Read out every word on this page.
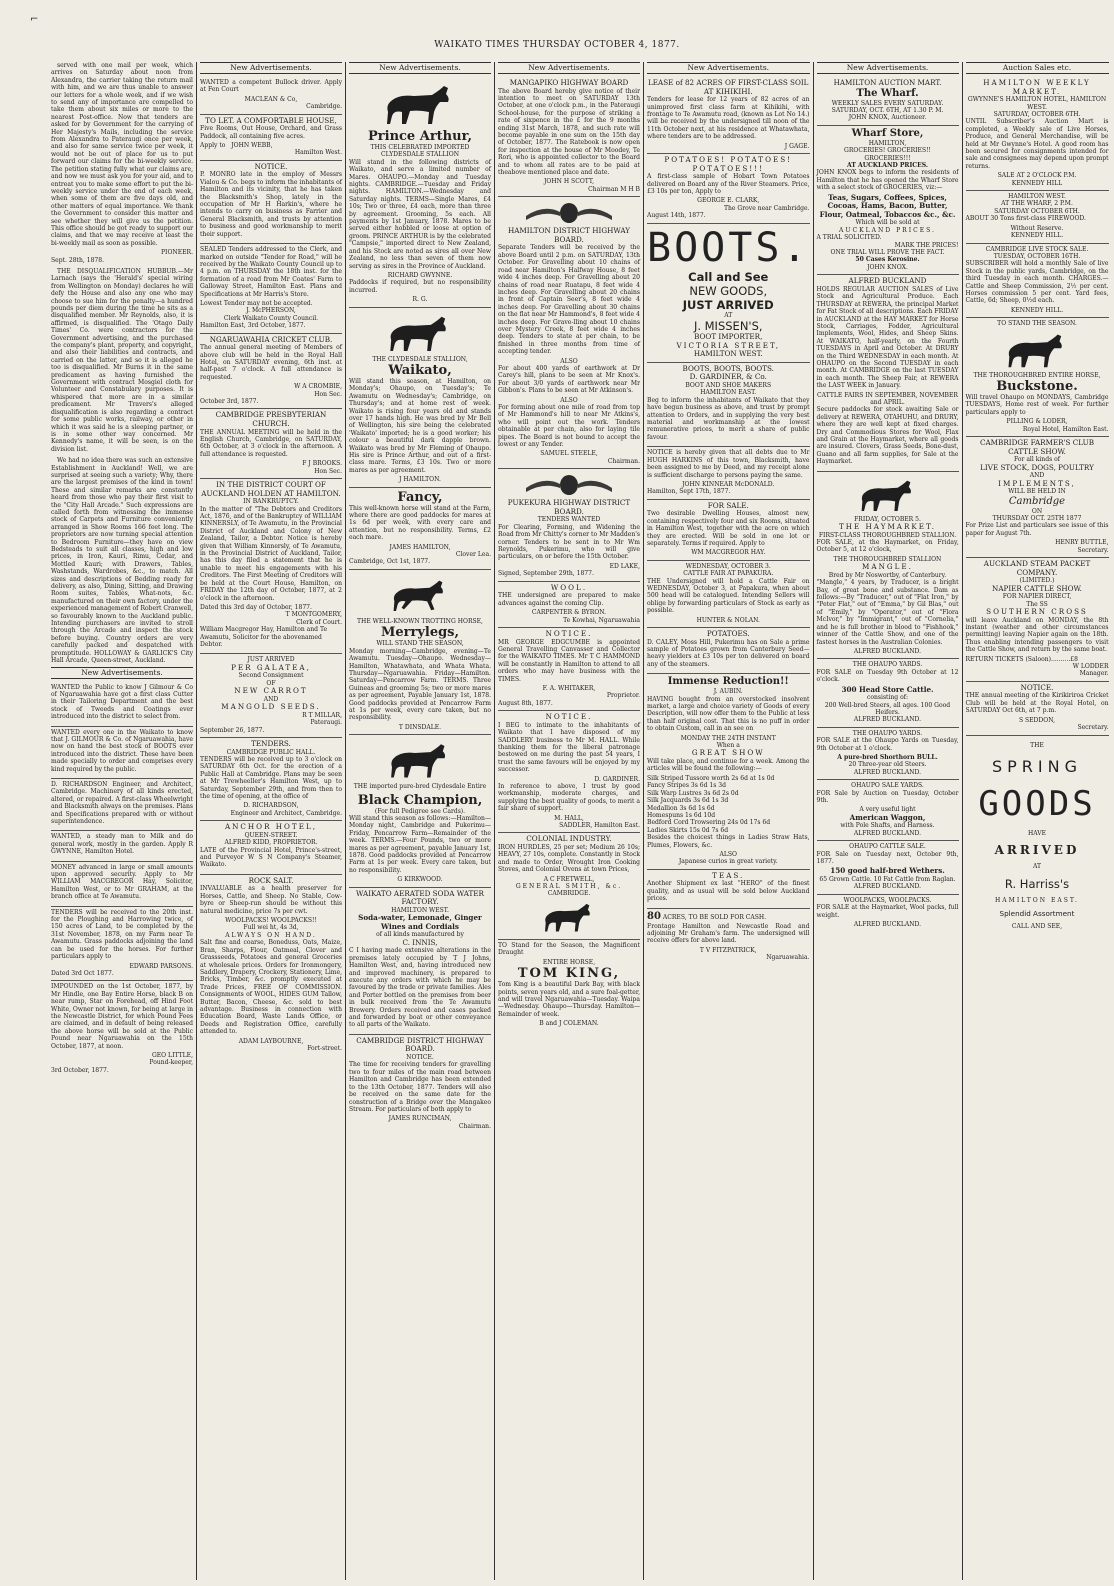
⌐
WAIKATO TIMES THURSDAY OCTOBER 4, 1877.

served with one mail per week, which arrives on Saturday about noon from Alexandra, the carrier taking the return mail with him, and we are thus unable to answer our letters for a whole week, and if we wish to send any of importance are compelled to take them about six miles or more to the nearest Post-office. Now that tenders are asked for by Government for the carrying of Her Majesty's Mails, including the service from Alexandra to Pateraugi once per week, and also for same service twice per week, it would not be out of place for us to put forward our claims for the bi-weekly service. The petition stating fully what our claims are, and now we must ask you for your aid, and to entreat you to make some effort to put the bi-weekly service under the end of each week, when some of them are five days old, and other matters of equal importance. We thank the Government to consider this matter and see whether they will give us the petition. This office should be got ready to support our claims, and that we may receive at least the bi-weekly mail as soon as possible.

PIONEER.
Sept. 28th, 1878.

THE DISQUALIFICATION HUBBUB.—Mr Larnach (says the 'Herald's' special wiring from Wellington on Monday) declares he will defy the House and also any one who may choose to sue him for the penalty—a hundred pounds per diem during the time he sits as a disqualified member. Mr Reynolds, also, it is affirmed, is disqualified. The 'Otago Daily Times' Co. were contractors for the Government advertising, and the purchased the company's plant, property, and copyright, and also their liabilities and contracts, and carried on the latter, and so it is alleged he too is disqualified. Mr Burns it in the same predicament as having furnished the Government with contract Mosgiel cloth for Volunteer and Constabulary purposes. It is whispered that more are in a similar predicament. Mr Travers's alleged disqualification is also regarding a contract for some public works, railway, or other in which it was said he is a sleeping partner, or is in some other way concerned. Mr Kennedy's name, it will be seen, is on the division list.

We had no idea there was such an extensive Establishment in Auckland! Well, we are surprised at seeing such a variety; Why, there are the largest premises of the kind in town! These and similar remarks are constantly heard from those who pay their first visit to the "City Hall Arcade." Such expressions are called forth from witnessing the immense stock of Carpets and Furniture conveniently arranged in Show Rooms 166 feet long. The proprietors are now turning special attention to Bedroom Furniture—they have on view Bedsteads to suit all classes, high and low prices, in Iron, Kauri, Rimu, Cedar, and Mottled Kauri; with Drawers, Tables, Washstands, Wardrobes, &c., to match. All sizes and descriptions of Bedding ready for delivery, as also, Dining, Sitting, and Drawing Room suites, Tables, What-nots, &c. manufactured on their own factory, under the experienced management of Robert Cranwell, so favourably known to the Auckland public. Intending purchasers are invited to stroll through the Arcade and inspect the stock before buying. Country orders are very carefully packed and despatched with promptitude. HOLLOWAY & GARLICK'S City Hall Arcade, Queen-street, Auckland.

New Advertisements.

WANTED the Public to know J Gilmour & Co of Ngaruawahia have got a first class Cutter in their Tailoring Department and the best stock of Tweeds and Coatings ever introduced into the district to select from.

WANTED every one in the Waikato to know that J. GILMOUR & Co. of Ngaruawahia, have now on hand the best stock of BOOTS ever introduced into the district. These have been made specially to order and comprises every kind required by the public.

D. RICHARDSON Engineer, and Architect, Cambridge. Machinery of all kinds erected, altered, or repaired. A first-class Wheelwright and Blacksmith always on the premises. Plans and Specifications prepared with or without superintendence.

WANTED, a steady man to Milk and do general work, mostly in the garden. Apply R GWYNNE, Hamilton Hotel.

MONEY advanced in large or small amounts upon approved security. Apply to Mr WILLIAM MACGREGOR Hay, Solicitor, Hamilton West, or to Mr GRAHAM, at the branch office at Te Awamutu.

TENDERS will be received to the 20th inst. for the Ploughing and Harrowing twice, of 150 acres of Land, to be completed by the 31st November, 1878, on my Farm near Te Awamutu. Grass paddocks adjoining the land can be used for the horses. For further particulars apply to

EDWARD PARSONS.
Dated 3rd Oct 1877.

IMPOUNDED on the 1st October, 1877, by Mr Hindle, one Bay Entire Horse, black B on near rump, Star on Forehead, off Hind Foot White, Owner not known, for being at large in the Newcastle District, for which Pound Fees are claimed, and in default of being released the above horse will be sold at the Public Pound near Ngaruawahia on the 15th October, 1877, at noon.

GEO LITTLE,
Pound-keeper,
3rd October, 1877.
New Advertisements.

WANTED a competent Bullock driver. Apply at Fen Court

MACLEAN & Co,
Cambridge.
TO LET. A COMFORTABLE HOUSE,

Five Rooms, Out House, Orchard, and Grass Paddock, all containing five acres.

Apply to JOHN WEBB,
Hamilton West.
NOTICE.

P. MONRO late in the employ of Messrs Vialou & Co. begs to inform the inhabitants of Hamilton and its vicinity, that he has taken the Blacksmith's Shop, lately in the occupation of Mr H Harkin's, where he intends to carry on business as Farrier and General Blacksmith, and trusts by attention to business and good workmanship to merit their support.

SEALED Tenders addressed to the Clerk, and marked on outside "Tender for Road," will be received by the Waikato County Council up to 4 p.m. on THURSDAY the 18th inst. for the formation of a road from Mr Coates' Farm to Galloway Street, Hamilton East. Plans and Specifications at Mr Harris's Store.

Lowest Tender may not be accepted.
J. McPHERSON,
Clerk Waikato County Council.
Hamilton East, 3rd October, 1877.
NGARUAWAHIA CRICKET CLUB.

The annual general meeting of Members of above club will be held in the Royal Hall Hotel, on SATURDAY evening, 6th inst. at half-past 7 o'clock. A full attendance is requested.

W A CROMBIE,
Hon Sec.
October 3rd, 1877.
CAMBRIDGE PRESBYTERIAN CHURCH.

THE ANNUAL MEETING will be held in the English Church, Cambridge, on SATURDAY, 6th October, at 3 o'clock in the afternoon. A full attendance is requested.

F J BROOKS.
Hon Sec.
IN THE DISTRICT COURT OF AUCKLAND HOLDEN AT HAMILTON.
IN BANKRUPTCY.

In the matter of "The Debtors and Creditors Act, 1876, and of the Bankruptcy of WILLIAM KINNERSLY, of Te Awamutu, in the Provincial District of Auckland and Colony of New Zealand, Tailor, a Debtor. Notice is hereby given that William Kinnersly, of Te Awamutu, in the Provincial District of Auckland, Tailor, has this day filed a statement that he is unable to meet his engagements with his Creditors. The First Meeting of Creditors will be held at the Court House, Hamilton, on FRIDAY the 12th day of October, 1877, at 2 o'clock in the afternoon.

Dated this 3rd day of October, 1877.
T MONTGOMERY,
Clerk of Court.

William Macgregor Hay, Hamilton and Te Awamutu, Solicitor for the abovenamed Debtor.

JUST ARRIVED
PER GALATEA,
Second Consignment
OF
NEW CARROT
AND
MANGOLD SEEDS.
R T MILLAR,
Pateraugi.
September 26, 1877.
TENDERS.
CAMBRIDGE PUBLIC HALL.

TENDERS will be received up to 3 o'clock on SATURDAY 6th Oct. for the erection of a Public Hall at Cambridge. Plans may be seen at Mr Trewheeller's Hamilton West, up to Saturday, September 29th, and from then to the time of opening, at the office of

D. RICHARDSON,
Engineer and Architect, Cambridge.
ANCHOR HOTEL,
QUEEN-STREET.
ALFRED KIDD, PROPRIETOR.

LATE of the Provincial Hotel, Prince's-street, and Purveyor W S N Company's Steamer, Waikato.

ROCK SALT.

INVALUABLE as a health preserver for Horses, Cattle, and Sheep. No Stable, Cow-byre or Sheep-run should be without this natural medicine, price 7s per cwt.

WOOLPACKS! WOOLPACKS!!
Full wei ht, 4s 3d,
ALWAYS ON HAND.

Salt fine and coarse, Boneduss, Oats, Maize, Bran, Sharps, Flour, Oatmeal, Clover and Grassseeds, Potatoes and general Groceries at wholesale prices. Orders for Ironmongery, Saddlery, Drapery, Crockery, Stationery, Lime, Bricks, Timber, &c. promptly executed at Trade Prices, FREE OF COMMISSION. Consignments of WOOL, HIDES GUM Tallow, Butter, Bacon, Cheese, &c. sold to best advantage. Business in connection with Education Board, Waste Lands Office, or Deeds and Registration Office, carefully attended to.

ADAM LAYBOURNE,
Fort-street.
New Advertisements.
Prince Arthur,
THIS CELEBRATED IMPORTED CLYDESDALE STALLION

Will stand in the following districts of Waikato, and serve a limited number of Mares. OHAUPO.—Monday and Tuesday nights. CAMBRIDGE.—Tuesday and Friday nights. HAMILTON.—Wednesday and Saturday nights. TERMS—Single Mares, £4 10s; Two or three, £4 each, more than three by agreement. Grooming, 5s each. All payments by 1st January, 1878. Mares to be served either hobbled or loose at option of groom. PRINCE ARTHUR is by the celebrated "Campsie," imported direct to New Zealand, and his Stock are noted as sires all over New Zealand, no less than seven of them now serving as sires in the Province of Auckland.

RICHARD GWYNNE.

Paddocks if required, but no responsibility incurred.

R. G.
THE CLYDESDALE STALLION,
Waikato,

Will stand this season, at Hamilton, on Monday's; Ohaupo, on Tuesday's; Te Awamutu on Wednesday's; Cambridge, on Thursday's; and at home rest of week. Waikato is rising four years old and stands over 17 hands high. He was bred by Mr Bell of Wellington, his sire being the celebrated 'Waikato' imported; he is a good worker; his colour a beautiful dark dapple brown. Waikato was bred by Mr Fleming of Ohaupo. His sire is Prince Arthur, and out of a first-class mare. Terms, £3 10s. Two or more mares as per agreement.

J HAMILTON.
Fancy,

This well-known horse will stand at the Farm, where there are good paddocks for mares at 1s 6d per week, with every care and attention, but no responsibility. Terms, £2 each mare.

JAMES HAMILTON,
Clover Lea.
Cambridge, Oct 1st, 1877.
THE WELL-KNOWN TROTTING HORSE,
Merrylegs,
WILL STAND THE SEASON,

Monday morning—Cambridge, evening—Te Awamutu. Tuesday—Ohaupo. Wednesday—Hamilton, Whatawhata, and Whata Whata. Thursday—Ngaruawahia. Friday—Hamilton. Saturday—Pencarrow Farm. TERMS. Three Guineas and grooming 5s; two or more mares as per agreement, Payable January 1st, 1878. Good paddocks provided at Pencarrow Farm at 1s per week, every care taken, but no responsibility.

T DINSDALE.

THE imported pure-bred Clydesdale Entire

Black Champion,
(For full Pedigree see Cards).

Will stand this season as follows:—Hamilton—Monday night, Cambridge and Pukerimu—Friday, Pencarrow Farm—Remainder of the week. TERMS.—Four Pounds, two or more mares as per agreement, payable January 1st, 1878. Good paddocks provided at Pencarrow Farm at 1s per week. Every care taken, but no responsibility.

G KIRKWOOD.
WAIKATO AERATED SODA WATER FACTORY.
HAMILTON WEST.
Soda-water, Lemonade, Ginger Wines and Cordials
of all kinds manufactured by
C. INNIS,

C I having made extensive alterations in the premises lately occupied by T J Johns, Hamilton West, and, having introduced new and improved machinery, is prepared to execute any orders with which he may be favoured by the trade or private families. Ales and Porter bottled on the premises from beer in bulk received from the Te Awamutu Brewery. Orders received and cases packed and forwarded by boat or other conveyance to all parts of the Waikato.

CAMBRIDGE DISTRICT HIGHWAY BOARD.
NOTICE.

The time for receiving tenders for gravelling two to four miles of the main road between Hamilton and Cambridge has been extended to the 13th October, 1877. Tenders will also be received on the same date for the construction of a Bridge over the Mangakeo Stream. For particulars of both apply to

JAMES RUNCIMAN,
Chairman.
New Advertisements.
MANGAPIKO HIGHWAY BOARD

The above Board hereby give notice of their intention to meet on SATURDAY 13th October, at one o'clock p.m., in the Pateraugi School-house, for the purpose of striking a rate of sixpence in the £ for the 9 months ending 31st March, 1878, and such rate will become payable in one sum on the 15th day of October, 1877. The Ratebook is now open for inspection at the house of Mr Moodey, Te Rori, who is appointed collector to the Board and to whom all rates are to be paid at theabove mentioned place and date.

JOHN H SCOTT,
Chairman M H B
HAMILTON DISTRICT HIGHWAY BOARD.

Separate Tenders will be received by the above Board until 2 p.m. on SATURDAY, 13th October. For Gravelling about 10 chains of road near Hamilton's Halfway House, 8 feet wide 4 inches deep. For Gravelling about 20 chains of road near Ruatapu, 8 feet wide 4 inches deep. For Gravelling about 20 chains in front of Captain Seer's, 8 feet wide 4 inches deep. For Gravelling about 30 chains on the flat near Mr Hammond's, 8 feet wide 4 inches deep. For Grave-lling about 10 chains over Mystery Creek, 8 feet wide 4 inches deep. Tenders to state at per chain, to be finished in three months from time of accepting tender.

ALSO

For about 400 yards of earthwork at Dr Carey's hill, plans to be seen at Mr Knox's. For about 3/0 yards of earthwork near Mr Gibbon's. Plans to be seen at Mr Atkinson's.

ALSO

For forming about one mile of road from top of Mr Hammond's hill to near Mr Atkins's, who will point out the work. Tenders obtainable at per chain, also for laying tile pipes. The Board is not bound to accept the lowest or any Tender.

SAMUEL STEELE,
Chairman.
PUKEKURA HIGHWAY DISTRICT BOARD.
TENDERS WANTED

For Clearing, Forming, and Widening the Road from Mr Chitty's corner to Mr Madden's corner. Tenders to be sent in to Mr Wm Reynolds, Pukerimu, who will give particulars, on or before the 15th October.

ED LAKE,
Signed, September 29th, 1877.
WOOL.

THE undersigned are prepared to make advances against the coming Clip.

CARPENTER & BYRON.
Te Kowhai, Ngaruawahia
NOTICE.

MR GEORGE EDGCUMBE is appointed General Travelling Canvasser and Collector for the WAIKATO TIMES. Mr T C HAMMOND will be constantly in Hamilton to attend to all orders who may have business with the TIMES.

F. A. WHITAKER,
Proprietor.
August 8th, 1877.
NOTICE.

I BEG to intimate to the inhabitants of Waikato that I have disposed of my SADDLERY business to Mr M. HALL. While thanking them for the liberal patronage bestowed on me during the past 54 years, I trust the same favours will be enjoyed by my successor.

D. GARDINER.

In reference to above, I trust by good workmanship, moderate charges, and supplying the best quality of goods, to merit a fair share of support.

M. HALL,
SADDLER, Hamilton East.
COLONIAL INDUSTRY.

IRON HURDLES, 25 per set; Medium 26 10s; HEAVY, 27 10s, complete. Constantly in Stock and made to Order, Wrought Iron Cooking Stoves, and Colonial Ovens at town Prices,

A C FRETWELL,
GENERAL SMITH, &c.
CAMBRIDGE.

TO Stand for the Season, the Magnificent Draught

ENTIRE HORSE,
TOM KING,

Tom King is a beautiful Dark Bay, with black points, seven years old, and a sure foal-getter, and will travel Ngaruawahia—Tuesday. Waipa—Wednesday. Ohaupo—Thursday. Hamilton—Remainder of week.

B and J COLEMAN.
New Advertisements.
LEASE of 82 ACRES OF FIRST-CLASS SOIL AT KIHIKIHI.

Tenders for lease for 12 years of 82 acres of an unimproved first class farm at Kihikihi, with frontage to Te Awamutu road, (known as Lot No 14.) will be received by the undersigned till noon of the 11th October next, at his residence at Whatawhata, where tenders are to be addressed.

J GAGE.
POTATOES! POTATOES!
POTATOES!!!

A first-class sample of Hobart Town Potatoes delivered on Board any of the River Steamers. Price, £3 10s per ton, Apply to

GEORGE E. CLARK,
The Grove near Cambridge.
August 14th, 1877.
BOOTS.
Call and See
NEW GOODS,
JUST ARRIVED
AT
J. MISSEN'S,
BOOT IMPORTER,
VICTORIA STREET,
HAMILTON WEST.
BOOTS, BOOTS, BOOTS.
D. GARDINER, & Co.
BOOT AND SHOE MAKERS
HAMILTON EAST.

Beg to inform the inhabitants of Waikato that they have begun business as above, and trust by prompt attention to Orders, and in supplying the very best material and workmanship at the lowest remunerative prices, to merit a share of public favour.

NOTICE is hereby given that all debts due to Mr HUGH HARKINS of this town, Blacksmith, have been assigned to me by Deed, and my receipt alone is sufficient discharge to persons paying the same.

JOHN KINNEAR McDONALD.
Hamilton, Sept 17th, 1877.
FOR SALE.

Two desirable Dwelling Houses, almost new, containing respectively four and six Rooms, situated in Hamilton West, together with the acre on which they are erected. Will be sold in one lot or separately. Terms if required. Apply to

WM MACGREGOR HAY.
WEDNESDAY, OCTOBER 3.
CATTLE FAIR AT PAPAKURA.

THE Undersigned will hold a Cattle Fair on WEDNESDAY, October 3, at Papakura, when about 500 head will be catalogued. Intending Sellers will oblige by forwarding particulars of Stock as early as possible.

HUNTER & NOLAN.
POTATOES.

D. CALEY, Moss Hill, Pukerimu has on Sale a prime sample of Potatoes grown from Canterbury Seed—heavy yielders at £3 10s per ton delivered on board any of the steamers.

Immense Reduction!!
J. AUBIN.

HAVING bought from an overstocked insolvent market, a large and choice variety of Goods of every Description, will now offer them to the Public at less than half original cost. That this is no puff in order to obtain Custom, call in an see on

MONDAY THE 24TH INSTANT
When a
GREAT SHOW

Will take place, and continue for a week. Among the articles will be found the following:—

Silk Striped Tussore worth 2s 6d at 1s 0d
Fancy Stripes 3s 6d 1s 3d
Silk Warp Lustres 3s 6d 2s 0d
Silk Jacquards 3s 6d 1s 3d
Medallion 3s 6d 1s 6d
Homespuns 1s 6d 10d
Bedford Cord Trowsering 24s 0d 17s 6d
Ladies Skirts 15s 0d 7s 6d

Besides the choicest things in Ladies Straw Hats, Plumes, Flowers, &c.

ALSO
Japanese curios in great variety.
TEAS.

Another Shipment ex last "HERO" of the finest quality, and as usual will be sold below Auckland prices.

80 ACRES, TO BE SOLD FOR CASH.

Frontage Hamilton and Newcastle Road and adjoining Mr Graham's farm. The undersigned will receive offers for above land.

T V FITZPATRICK,
Ngaruawahia.
New Advertisements.
HAMILTON AUCTION MART.
The Wharf.
WEEKLY SALES EVERY SATURDAY.
SATURDAY, OCT. 6TH, AT 1.30 P. M.
JOHN KNOX, Auctioneer.
Wharf Store,
HAMILTON,
GROCERIES! GROCERIES!!
GROCERIES!!!
AT AUCKLAND PRICES.

JOHN KNOX begs to inform the residents of Hamilton that he has opened the Wharf Store with a select stock of GROCERIES, viz:—

Teas, Sugars, Coffees, Spices, Cocoas, Hams, Bacon, Butter, Flour, Oatmeal, Tobaccos &c., &c.
Which will be sold at
AUCKLAND PRICES.
A TRIAL SOLICITED.
MARK THE PRICES!
ONE TRIAL WILL PROVE THE FACT.
50 Cases Kerosine.
JOHN KNOX.
ALFRED BUCKLAND

HOLDS REGULAR AUCTION SALES of Live Stock and Agricultural Produce. Each THURSDAY at REWERA, the principal Market for Fat Stock of all descriptions. Each FRIDAY in AUCKLAND at the HAY MARKET for Horse Stock, Carriages, Fodder, Agricultural Implements, Wool, Hides, and Sheep Skins. At WAIKATO, half-yearly, on the Fourth TUESDAYS in April and October. At DRURY on the Third WEDNESDAY in each month. At OHAUPO on the Second TUESDAY in each month. At CAMBRIDGE on the last TUESDAY in each month. The Sheep Fair, at REWERA the LAST WEEK in January.

CATTLE FAIRS IN SEPTEMBER, NOVEMBER and APRIL.

Secure paddocks for stock awaiting Sale or delivery at REWERA, OTAHUHU, and DRURY, where they are well kept at fixed charges. Dry and Commodious Stores for Wool, Flax and Grain at the Haymarket, where all goods are insured. Clovers, Grass Seeds, Bone-dust, Guano and all farm supplies, for Sale at the Haymarket.

FRIDAY, OCTOBER 5.
THE HAYMARKET.
FIRST-CLASS THOROUGHBRED STALLION.

FOR SALE, at the Haymarket, on Friday, October 5, at 12 o'clock,

THE THOROUGHBRED STALLION
MANGLE.
Bred by Mr Noswortby, of Canterbury.

"Mangle," 4 years, by Traducer, is a bright Bay, of great bone and substance. Dam as follows:—By "Traducer," out of "Flat Iron," by "Peter Flat," out of "Emma," by Gil Blas," out of "Emily," by "Operator," out of "Flora McIvor," by "Immigrant," out of "Cornelia," and he is full brother in blood to "Fishhook," winner of the Cattle Show, and one of the fastest horses in the Australian Colonies.

ALFRED BUCKLAND.
THE OHAUPO YARDS.

FOR SALE on Tuesday 9th October at 12 o'clock.

300 Head Store Cattle.
consisting of:
200 Well-bred Steers, all ages. 100 Good Heifers.
ALFRED BUCKLAND.
THE OHAUPO YARDS.

FOR SALE at the Ohaupo Yards on Tuesday, 9th October at 1 o'clock.

A pure-bred Shorthorn BULL.
20 Three-year old Steers.
ALFRED BUCKLAND.
OHAUPO SALE YARDS.

FOR Sale by Auction on Tuesday, October 9th.

A very useful light
American Waggon,
with Pole Shafts, and Harness.
ALFRED BUCKLAND.
OHAUPO CATTLE SALE.

FOR Sale on Tuesday next, October 9th, 1877.

150 good half-bred Wethers.
65 Grown Cattle. 10 Fat Cattle from Raglan.
ALFRED BUCKLAND.
WOOLPACKS, WOOLPACKS.

FOR SALE at the Haymarket, Wool packs, full weight.

ALFRED BUCKLAND.
Auction Sales etc.
HAMILTON WEEKLY MARKET.
GWYNNE'S HAMILTON HOTEL, HAMILTON WEST.
SATURDAY, OCTOBER 6TH.

UNTIL Subscriber's Auction Mart is completed, a Weekly sale of Live Horses, Produce, and General Merchandise, will be held at Mr Gwynne's Hotel. A good room has been secured for consignments intended for sale and consignees may depend upon prompt returns.

SALE AT 2 O'CLOCK P.M.
KENNEDY HILL
HAMILTON WEST.
AT THE WHARF, 2 P.M.
SATURDAY OCTOBER 6TH.

ABOUT 30 Tons first-class FIREWOOD.

Without Reserve.
KENNEDY HILL.
CAMBRIDGE LIVE STOCK SALE.
TUESDAY, OCTOBER 16TH.

SUBSCRIBER will hold a monthly Sale of live Stock in the public yards, Cambridge, on the third Tuesday in each month. CHARGES.—Cattle and Sheep Commission, 2½ per cent. Horses commission 5 per cent. Yard fees, Cattle, 6d; Sheep, 0½d each.

KENNEDY HILL.
TO STAND THE SEASON.
THE THOROUGHBRED ENTIRE HORSE,
Buckstone.

Will travel Ohaupo on MONDAYS, Cambridge TUESDAYS, Home rest of week. For further particulars apply to

PILLING & LODER,
Royal Hotel, Hamilton East.
CAMBRIDGE FARMER'S CLUB CATTLE SHOW.
For all kinds of
LIVE STOCK, DOGS, POULTRY
AND
IMPLEMENTS,
WILL BE HELD IN
Cambridge
ON
THURSDAY OCT. 25TH 1877

For Prize List and particulars see issue of this paper for August 7th.

HENRY BUTTLE,
Secretary.
AUCKLAND STEAM PACKET COMPANY.
(LIMITED.)
NAPIER CATTLE SHOW.
FOR NAPIER DIRECT,
The SS
SOUTHERN CROSS

will leave Auckland on MONDAY, the 8th instant (weather and other circumstances permitting) leaving Napier again on the 18th. Thus enabling intending passengers to visit the Cattle Show, and return by the same boat.

RETURN TICKETS (Saloon)..........£8
W LODDER
Manager.
NOTICE.

THE annual meeting of the Kirikiriroa Cricket Club will be held at the Royal Hotel, on SATURDAY Oct 6th, at 7 p.m.

S SEDDON,
Secretary.
THE
SPRING
GOODS
HAVE
ARRIVED
AT
R. Harriss's
HAMILTON EAST.
Splendid Assortment
CALL AND SEE,
